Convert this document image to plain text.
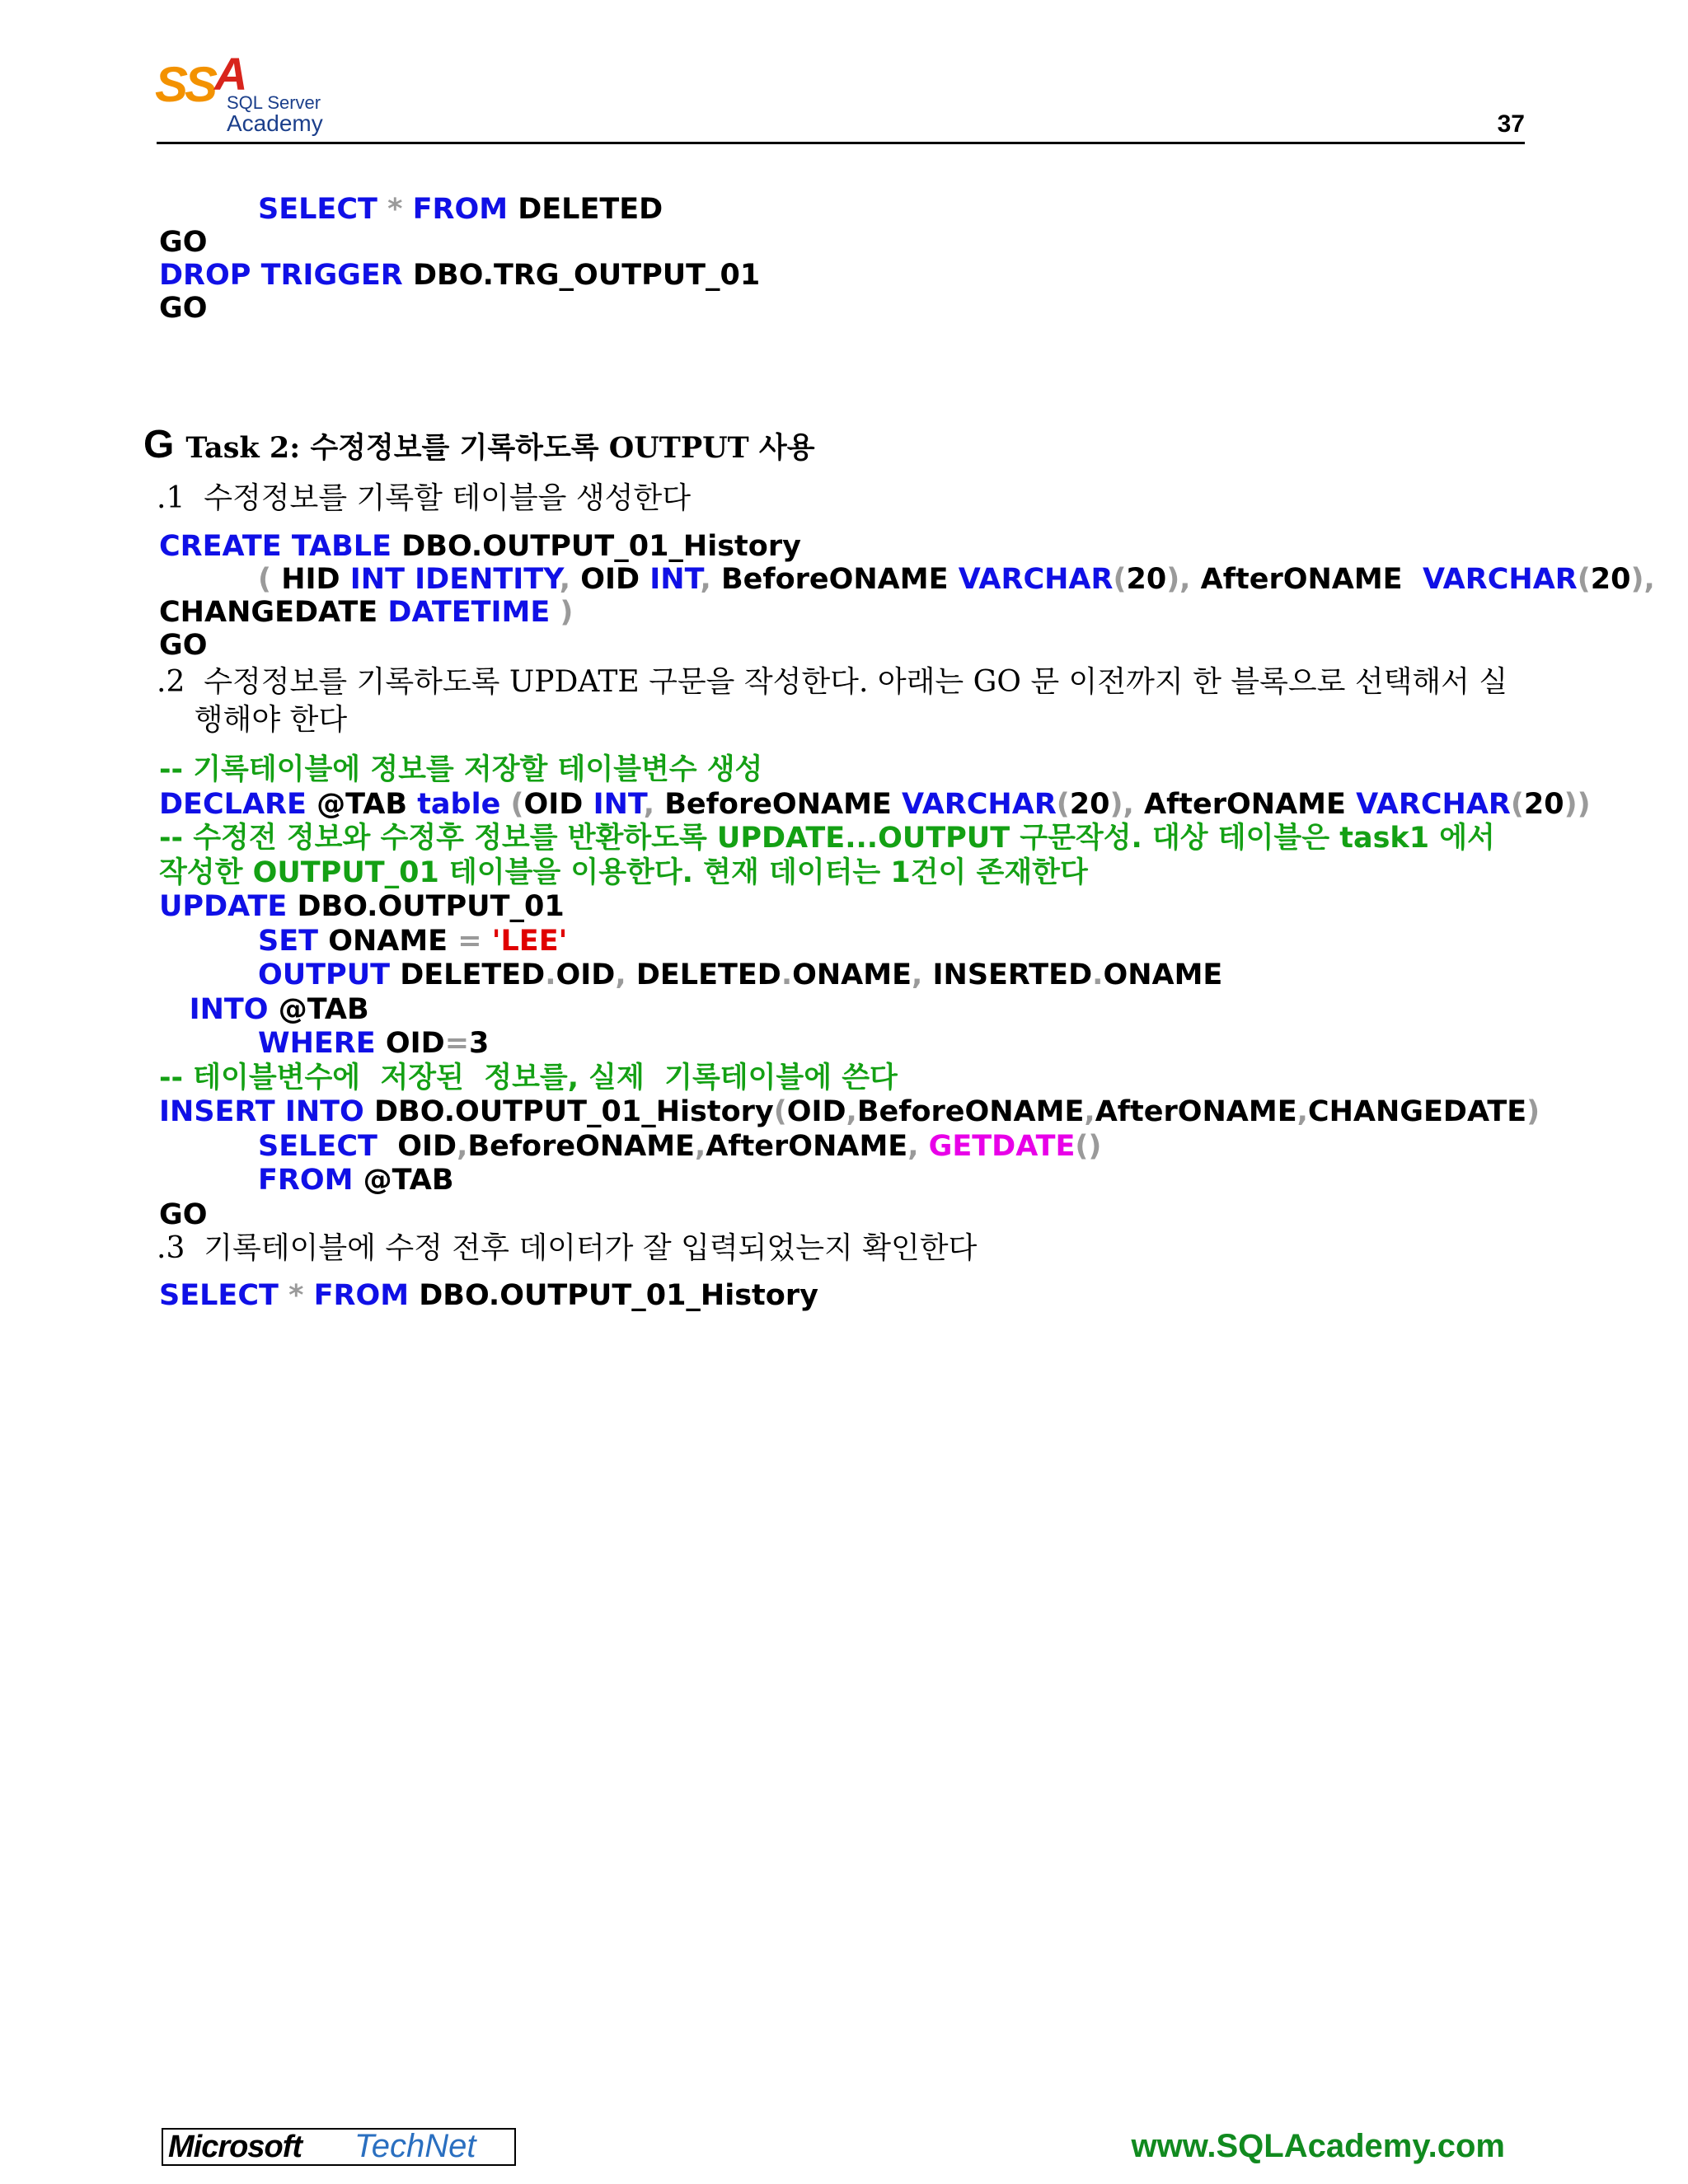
SSA
SQL Server
Academy	37
SELECT * FROM DELETED
GO
DROP TRIGGER DBO.TRG_OUTPUT_01
GO
G Task 2: 수정정보를 기록하도록 OUTPUT 사용
.1  수정정보를 기록할 테이블을 생성한다
CREATE TABLE DBO.OUTPUT_01_History
( HID INT IDENTITY, OID INT, BeforeONAME VARCHAR(20), AfterONAME VARCHAR(20),
CHANGEDATE DATETIME )
GO
.2  수정정보를 기록하도록 UPDATE 구문을 작성한다. 아래는 GO 문 이전까지 한 블록으로 선택해서 실
행해야 한다
-- 기록테이블에 정보를 저장할 테이블변수 생성
DECLARE @TAB table (OID INT, BeforeONAME VARCHAR(20), AfterONAME VARCHAR(20))
-- 수정전 정보와 수정후 정보를 반환하도록 UPDATE...OUTPUT 구문작성. 대상 테이블은 task1 에서
작성한 OUTPUT_01 테이블을 이용한다. 현재 데이터는 1건이 존재한다
UPDATE DBO.OUTPUT_01
SET ONAME = 'LEE'
OUTPUT DELETED.OID, DELETED.ONAME, INSERTED.ONAME
INTO @TAB
WHERE OID=3
-- 테이블변수에  저장된  정보를, 실제  기록테이블에 쓴다
INSERT INTO DBO.OUTPUT_01_History(OID,BeforeONAME,AfterONAME,CHANGEDATE)
SELECT OID,BeforeONAME,AfterONAME, GETDATE()
FROM @TAB
GO
.3  기록테이블에 수정 전후 데이터가 잘 입력되었는지 확인한다
SELECT * FROM DBO.OUTPUT_01_History
Microsoft TechNet	www.SQLAcademy.com
